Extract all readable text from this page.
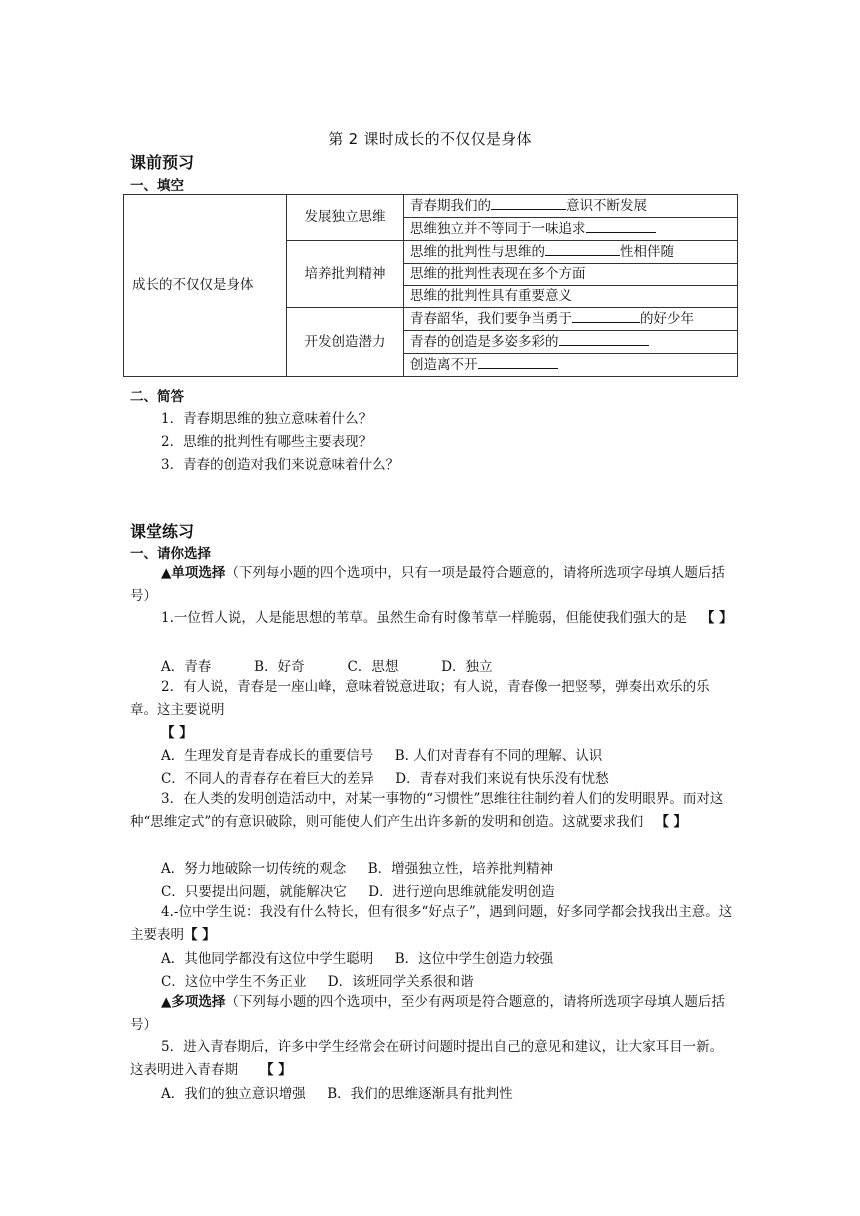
第 2 课时成长的不仅仅是身体
课前预习
一、填空
成长的不仅仅是身体	发展独立思维	青春期我们的 意识不断发展
		思维独立并不等同于一味追求
	培养批判精神	思维的批判性与思维的 性相伴随
		思维的批判性表现在多个方面
		思维的批判性具有重要意义
	开发创造潜力	青春韶华，我们要争当勇于 的好少年
		青春的创造是多姿多彩的
		创造离不开
二、简答
1．青春期思维的独立意味着什么？
2．思维的批判性有哪些主要表现？
3．青春的创造对我们来说意味着什么？
课堂练习
一、请你选择
▲单项选择（下列每小题的四个选项中，只有一项是最符合题意的，请将所选项字母填人题后括号）
1.一位哲人说，人是能思想的苇草。虽然生命有时像苇草一样脆弱，但能使我们强大的是 【 】
A．青春          B．好奇          C．思想          D．独立
2．有人说，青春是一座山峰，意味着锐意进取；有人说，青春像一把竖琴，弹奏出欢乐的乐章。这主要说明
【 】
A．生理发育是青春成长的重要信号     B. 人们对青春有不同的理解、认识
C．不同人的青春存在着巨大的差异     D．青春对我们来说有快乐没有忧愁
3．在人类的发明创造活动中，对某一事物的“习惯性”思维往往制约着人们的发明眼界。而对这种“思维定式”的有意识破除，则可能使人们产生出许多新的发明和创造。这就要求我们 【 】
A．努力地破除一切传统的观念     B．增强独立性，培养批判精神
C．只要提出问题，就能解决它     D．进行逆向思维就能发明创造
4.-位中学生说：我没有什么特长，但有很多“好点子”，遇到问题，好多同学都会找我出主意。这主要表明【 】
A．其他同学都没有这位中学生聪明     B．这位中学生创造力较强
C．这位中学生不务正业     D．该班同学关系很和谐
▲多项选择（下列每小题的四个选项中，至少有两项是符合题意的，请将所选项字母填人题后括号）
5．进入青春期后，许多中学生经常会在研讨问题时提出自己的意见和建议，让大家耳目一新。这表明进入青春期 【 】
A．我们的独立意识增强     B．我们的思维逐渐具有批判性
